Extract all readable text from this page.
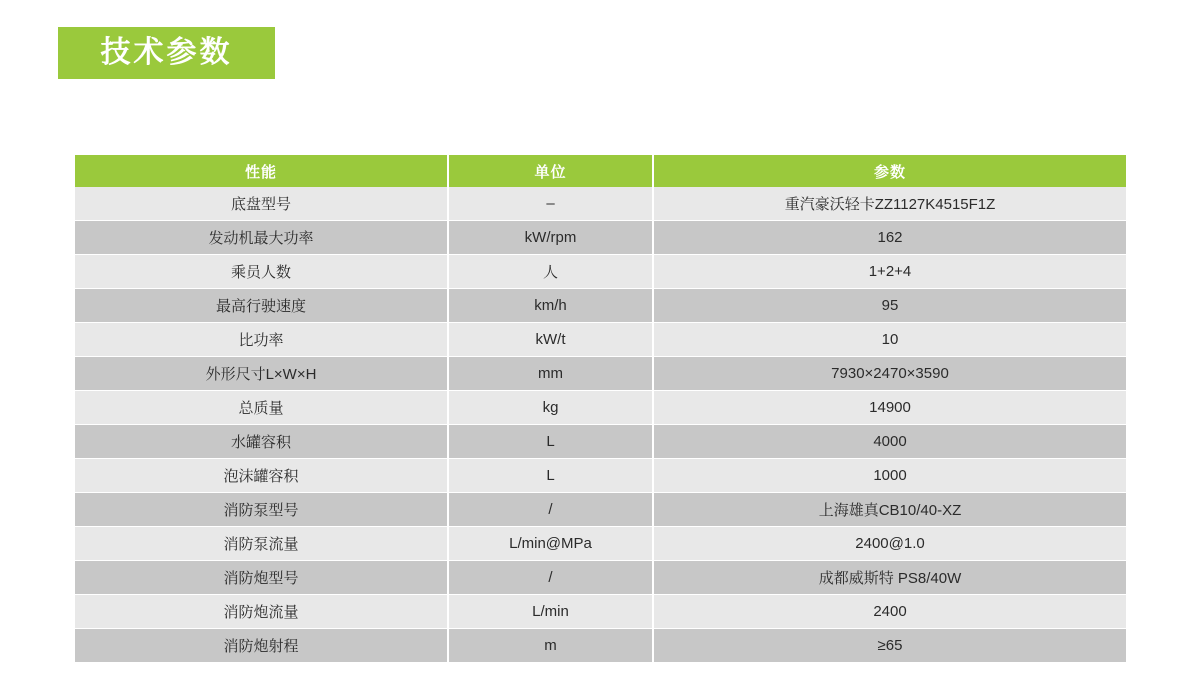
技术参数
性能	单位	参数
底盘型号	–	重汽豪沃轻卡ZZ1127K4515F1Z
发动机最大功率	kW/rpm	162
乘员人数	人	1+2+4
最高行驶速度	km/h	95
比功率	kW/t	10
外形尺寸L×W×H	mm	7930×2470×3590
总质量	kg	14900
水罐容积	L	4000
泡沫罐容积	L	1000
消防泵型号	/	上海雄真CB10/40-XZ
消防泵流量	L/min@MPa	2400@1.0
消防炮型号	/	成都威斯特 PS8/40W
消防炮流量	L/min	2400
消防炮射程	m	≥65
